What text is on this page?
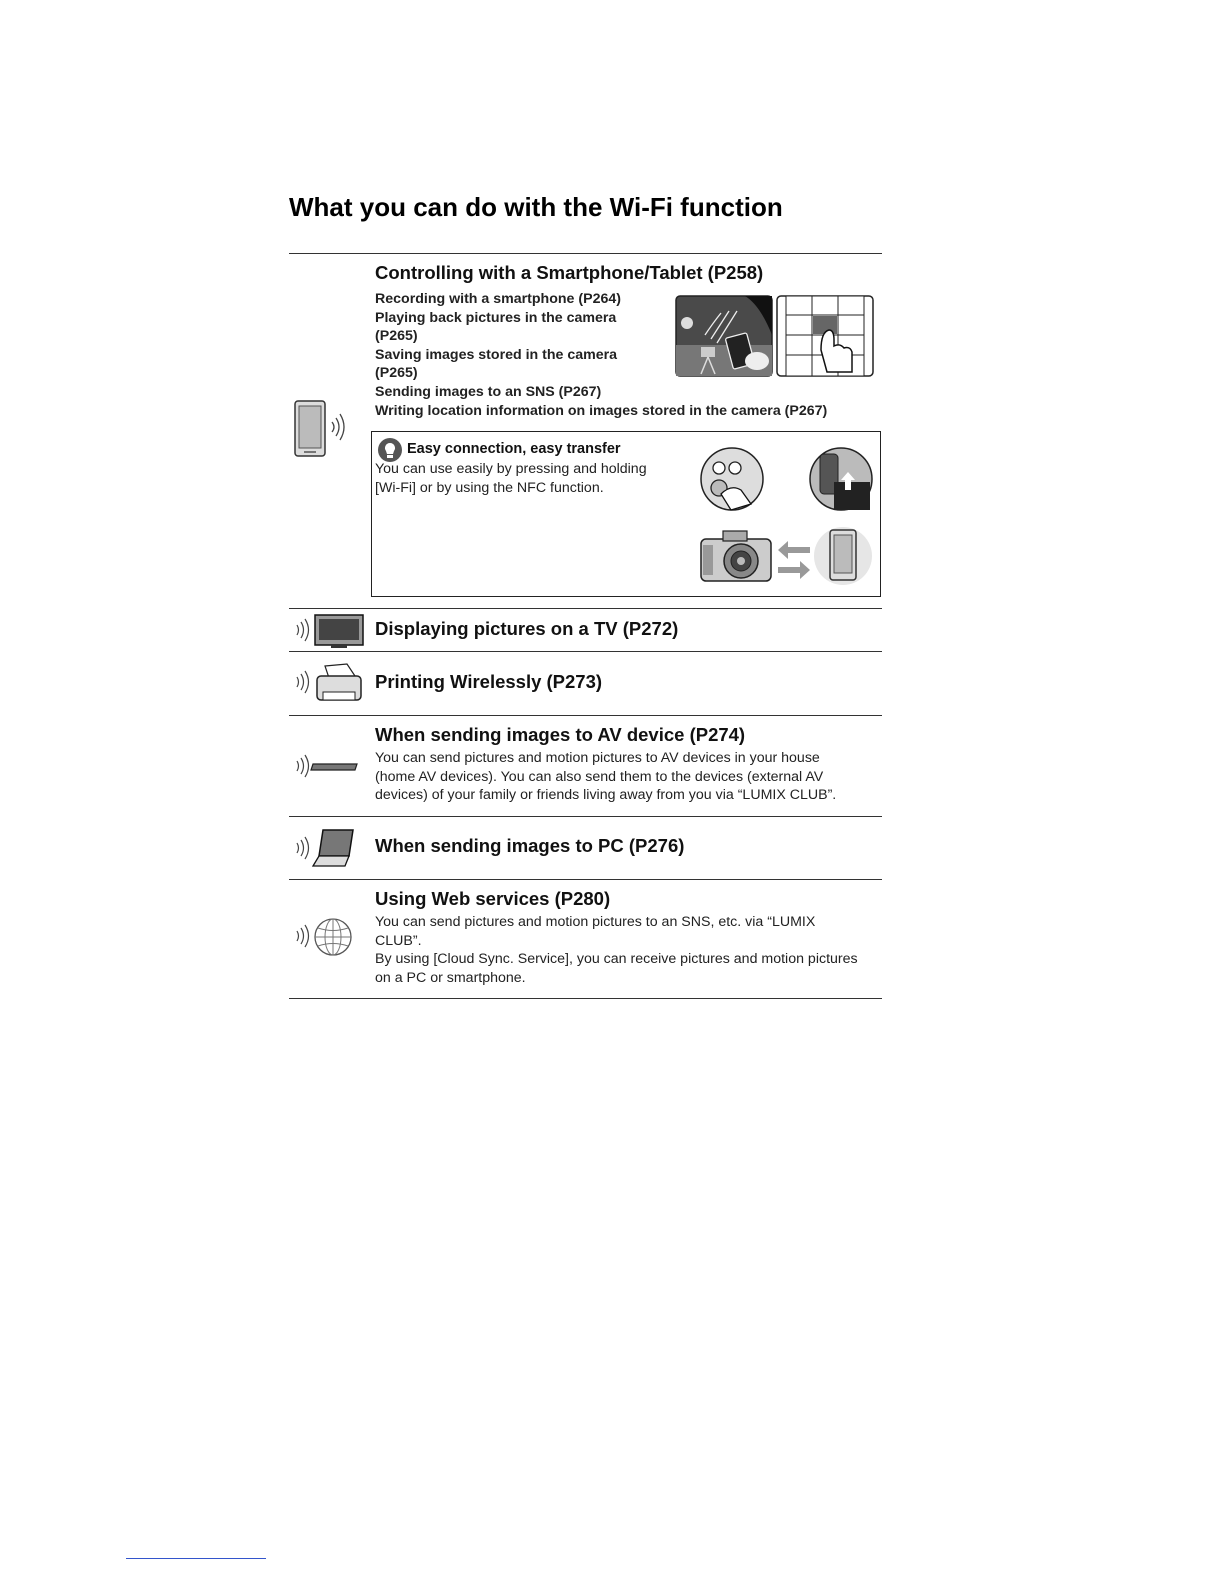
What you can do with the Wi-Fi function
Controlling with a Smartphone/Tablet (P258)
Recording with a smartphone (P264)
Playing back pictures in the camera
(P265)
Saving images stored in the camera
(P265)
Sending images to an SNS (P267)
Writing location information on images stored in the camera (P267)
Easy connection, easy transfer
You can use easily by pressing and holding
[Wi-Fi] or by using the NFC function.
Displaying pictures on a TV (P272)
Printing Wirelessly (P273)
When sending images to AV device (P274)
You can send pictures and motion pictures to AV devices in your house
(home AV devices). You can also send them to the devices (external AV
devices) of your family or friends living away from you via “LUMIX CLUB”.
When sending images to PC (P276)
Using Web services (P280)
You can send pictures and motion pictures to an SNS, etc. via “LUMIX
CLUB”.
By using [Cloud Sync. Service], you can receive pictures and motion pictures
on a PC or smartphone.
